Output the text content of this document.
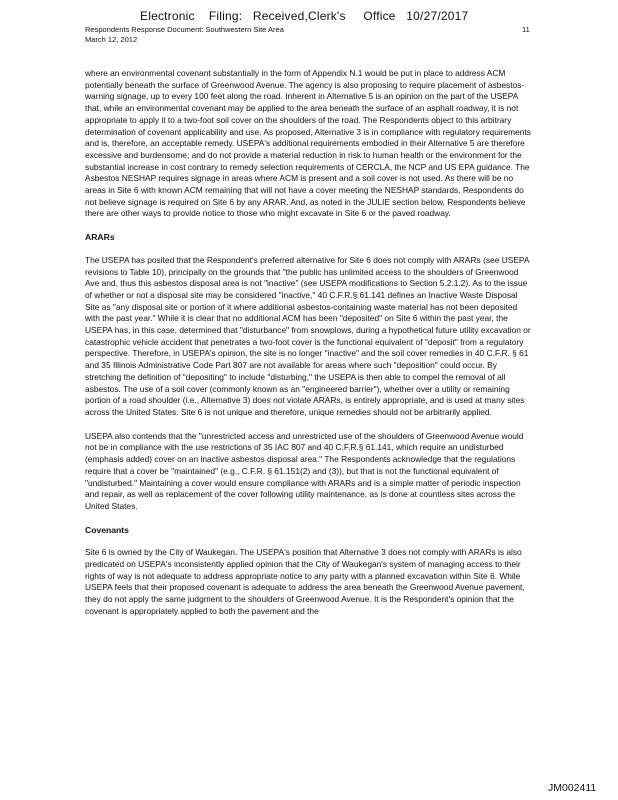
Electronic    Filing:   Received,Clerk's     Office   10/27/2017
Respondents Response Document: Southwestern Site Area
March 12, 2012
11

where an environmental covenant substantially in the form of Appendix N.1 would be put in place to address ACM potentially beneath the surface of Greenwood Avenue. The agency is also proposing to require placement of asbestos-warning signage, up to every 100 feet along the road. Inherent in Alternative 5 is an opinion on the part of the USEPA that, while an environmental covenant may be applied to the area beneath the surface of an asphalt roadway, it is not appropriate to apply it to a two-foot soil cover on the shoulders of the road. The Respondents object to this arbitrary determination of covenant applicability and use. As proposed, Alternative 3 is in compliance with regulatory requirements and is, therefore, an acceptable remedy. USEPA's additional requirements embodied in their Alternative 5 are therefore excessive and burdensome; and do not provide a material reduction in risk to human health or the environment for the substantial increase in cost contrary to remedy selection requirements of CERCLA, the NCP and US EPA guidance. The Asbestos NESHAP requires signage in areas where ACM is present and a soil cover is not used. As there will be no areas in Site 6 with known ACM remaining that will not have a cover meeting the NESHAP standards, Respondents do not believe signage is required on Site 6 by any ARAR. And, as noted in the JULIE section below, Respondents believe there are other ways to provide notice to those who might excavate in Site 6 or the paved roadway.

ARARs

The USEPA has posited that the Respondent's preferred alternative for Site 6 does not comply with ARARs (see USEPA revisions to Table 10), principally on the grounds that "the public has unlimited access to the shoulders of Greenwood Ave and, thus this asbestos disposal area is not "inactive" (see USEPA modifications to Section 5.2.1.2). As to the issue of whether or not a disposal site may be considered "inactive," 40 C.F.R.§ 61.141 defines an Inactive Waste Disposal Site as "any disposal site or portion of it where additional asbestos-containing waste material has not been deposited with the past year." While it is clear that no additional ACM has been "deposited" on Site 6 within the past year, the USEPA has, in this case, determined that "disturbance" from snowplows, during a hypothetical future utility excavation or catastrophic vehicle accident that penetrates a two-foot cover is the functional equivalent of "deposit" from a regulatory perspective. Therefore, in USEPA's opinion, the site is no longer "inactive" and the soil cover remedies in 40 C.F.R. § 61 and 35 Illinois Administrative Code Part 807 are not available for areas where such "deposition" could occur. By stretching the definition of "depositing" to include "disturbing," the USEPA is then able to compel the removal of all asbestos. The use of a soil cover (commonly known as an "engineered barrier"), whether over a utility or remaining portion of a road shoulder (i.e., Alternative 3) does not violate ARARs, is entirely appropriate, and is used at many sites across the United States. Site 6 is not unique and therefore, unique remedies should not be arbitrarily applied.

USEPA also contends that the "unrestricted access and unrestricted use of the shoulders of Greenwood Avenue would not be in compliance with the use restrictions of 35 IAC 807 and 40 C.F.R.§ 61.141, which require an undisturbed (emphasis added) cover on an inactive asbestos disposal area." The Respondents acknowledge that the regulations require that a cover be "maintained" (e.g., C.F.R. § 61.151(2) and (3)), but that is not the functional equivalent of "undisturbed." Maintaining a cover would ensure compliance with ARARs and is a simple matter of periodic inspection and repair, as well as replacement of the cover following utility maintenance, as is done at countless sites across the United States.

Covenants

Site 6 is owned by the City of Waukegan. The USEPA's position that Alternative 3 does not comply with ARARs is also predicated on USEPA's inconsistently applied opinion that the City of Waukegan's system of managing access to their rights of way is not adequate to address appropriate notice to any party with a planned excavation within Site 6. While USEPA feels that their proposed covenant is adequate to address the area beneath the Greenwood Avenue pavement, they do not apply the same judgment to the shoulders of Greenwood Avenue. It is the Respondent's opinion that the covenant is appropriately applied to both the pavement and the

JM002411
